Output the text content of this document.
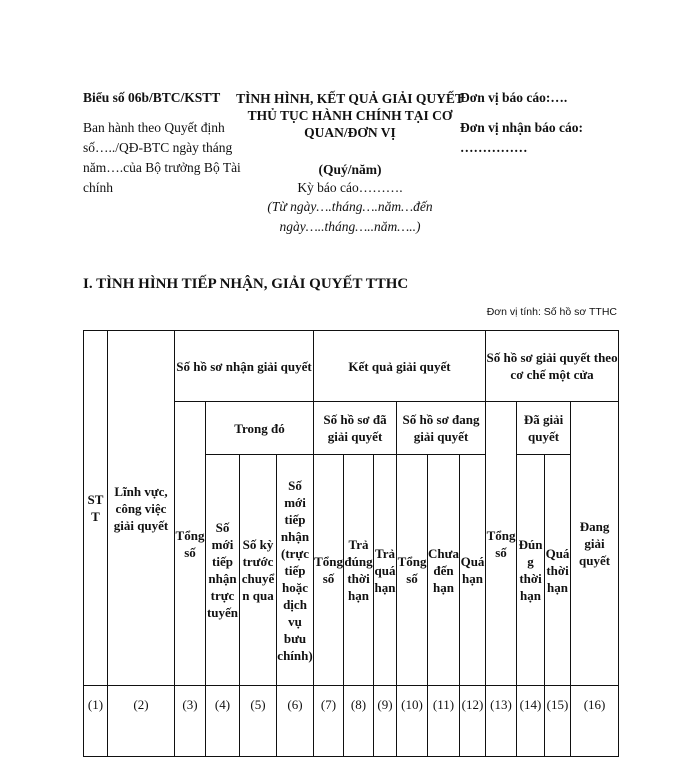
Biểu số 06b/BTC/KSTT
Ban hành theo Quyết định số…../QĐ-BTC ngày tháng năm….của Bộ trưởng Bộ Tài chính
TÌNH HÌNH, KẾT QUẢ GIẢI QUYẾT THỦ TỤC HÀNH CHÍNH TẠI CƠ QUAN/ĐƠN VỊ
(Quý/năm)
Kỳ báo cáo……….
(Từ ngày….tháng….năm…đến ngày…..tháng…..năm…..)
Đơn vị báo cáo:….
Đơn vị nhận báo cáo: ……………
I. TÌNH HÌNH TIẾP NHẬN, GIẢI QUYẾT TTHC
Đơn vị tính: Số hồ sơ TTHC
STT	Lĩnh vực, công việc giải quyết	Số hồ sơ nhận giải quyết				Kết quả giải quyết						Số hồ sơ giải quyết theo cơ chế một cửa			
		Tổng số	Trong đó			Số hồ sơ đã giải quyết			Số hồ sơ đang giải quyết			Tổng số	Đã giải quyết		Đang giải quyết
			Số mới tiếp nhận trực tuyến	Số kỳ trước chuyển qua	Số mới tiếp nhận (trực tiếp hoặc dịch vụ bưu chính)	Tổng số	Trả đúng thời hạn	Trả quá hạn	Tổng số	Chưa đến hạn	Quá hạn		Đúng thời hạn	Quá thời hạn	
(1)	(2)	(3)	(4)	(5)	(6)	(7)	(8)	(9)	(10)	(11)	(12)	(13)	(14)	(15)	(16)
